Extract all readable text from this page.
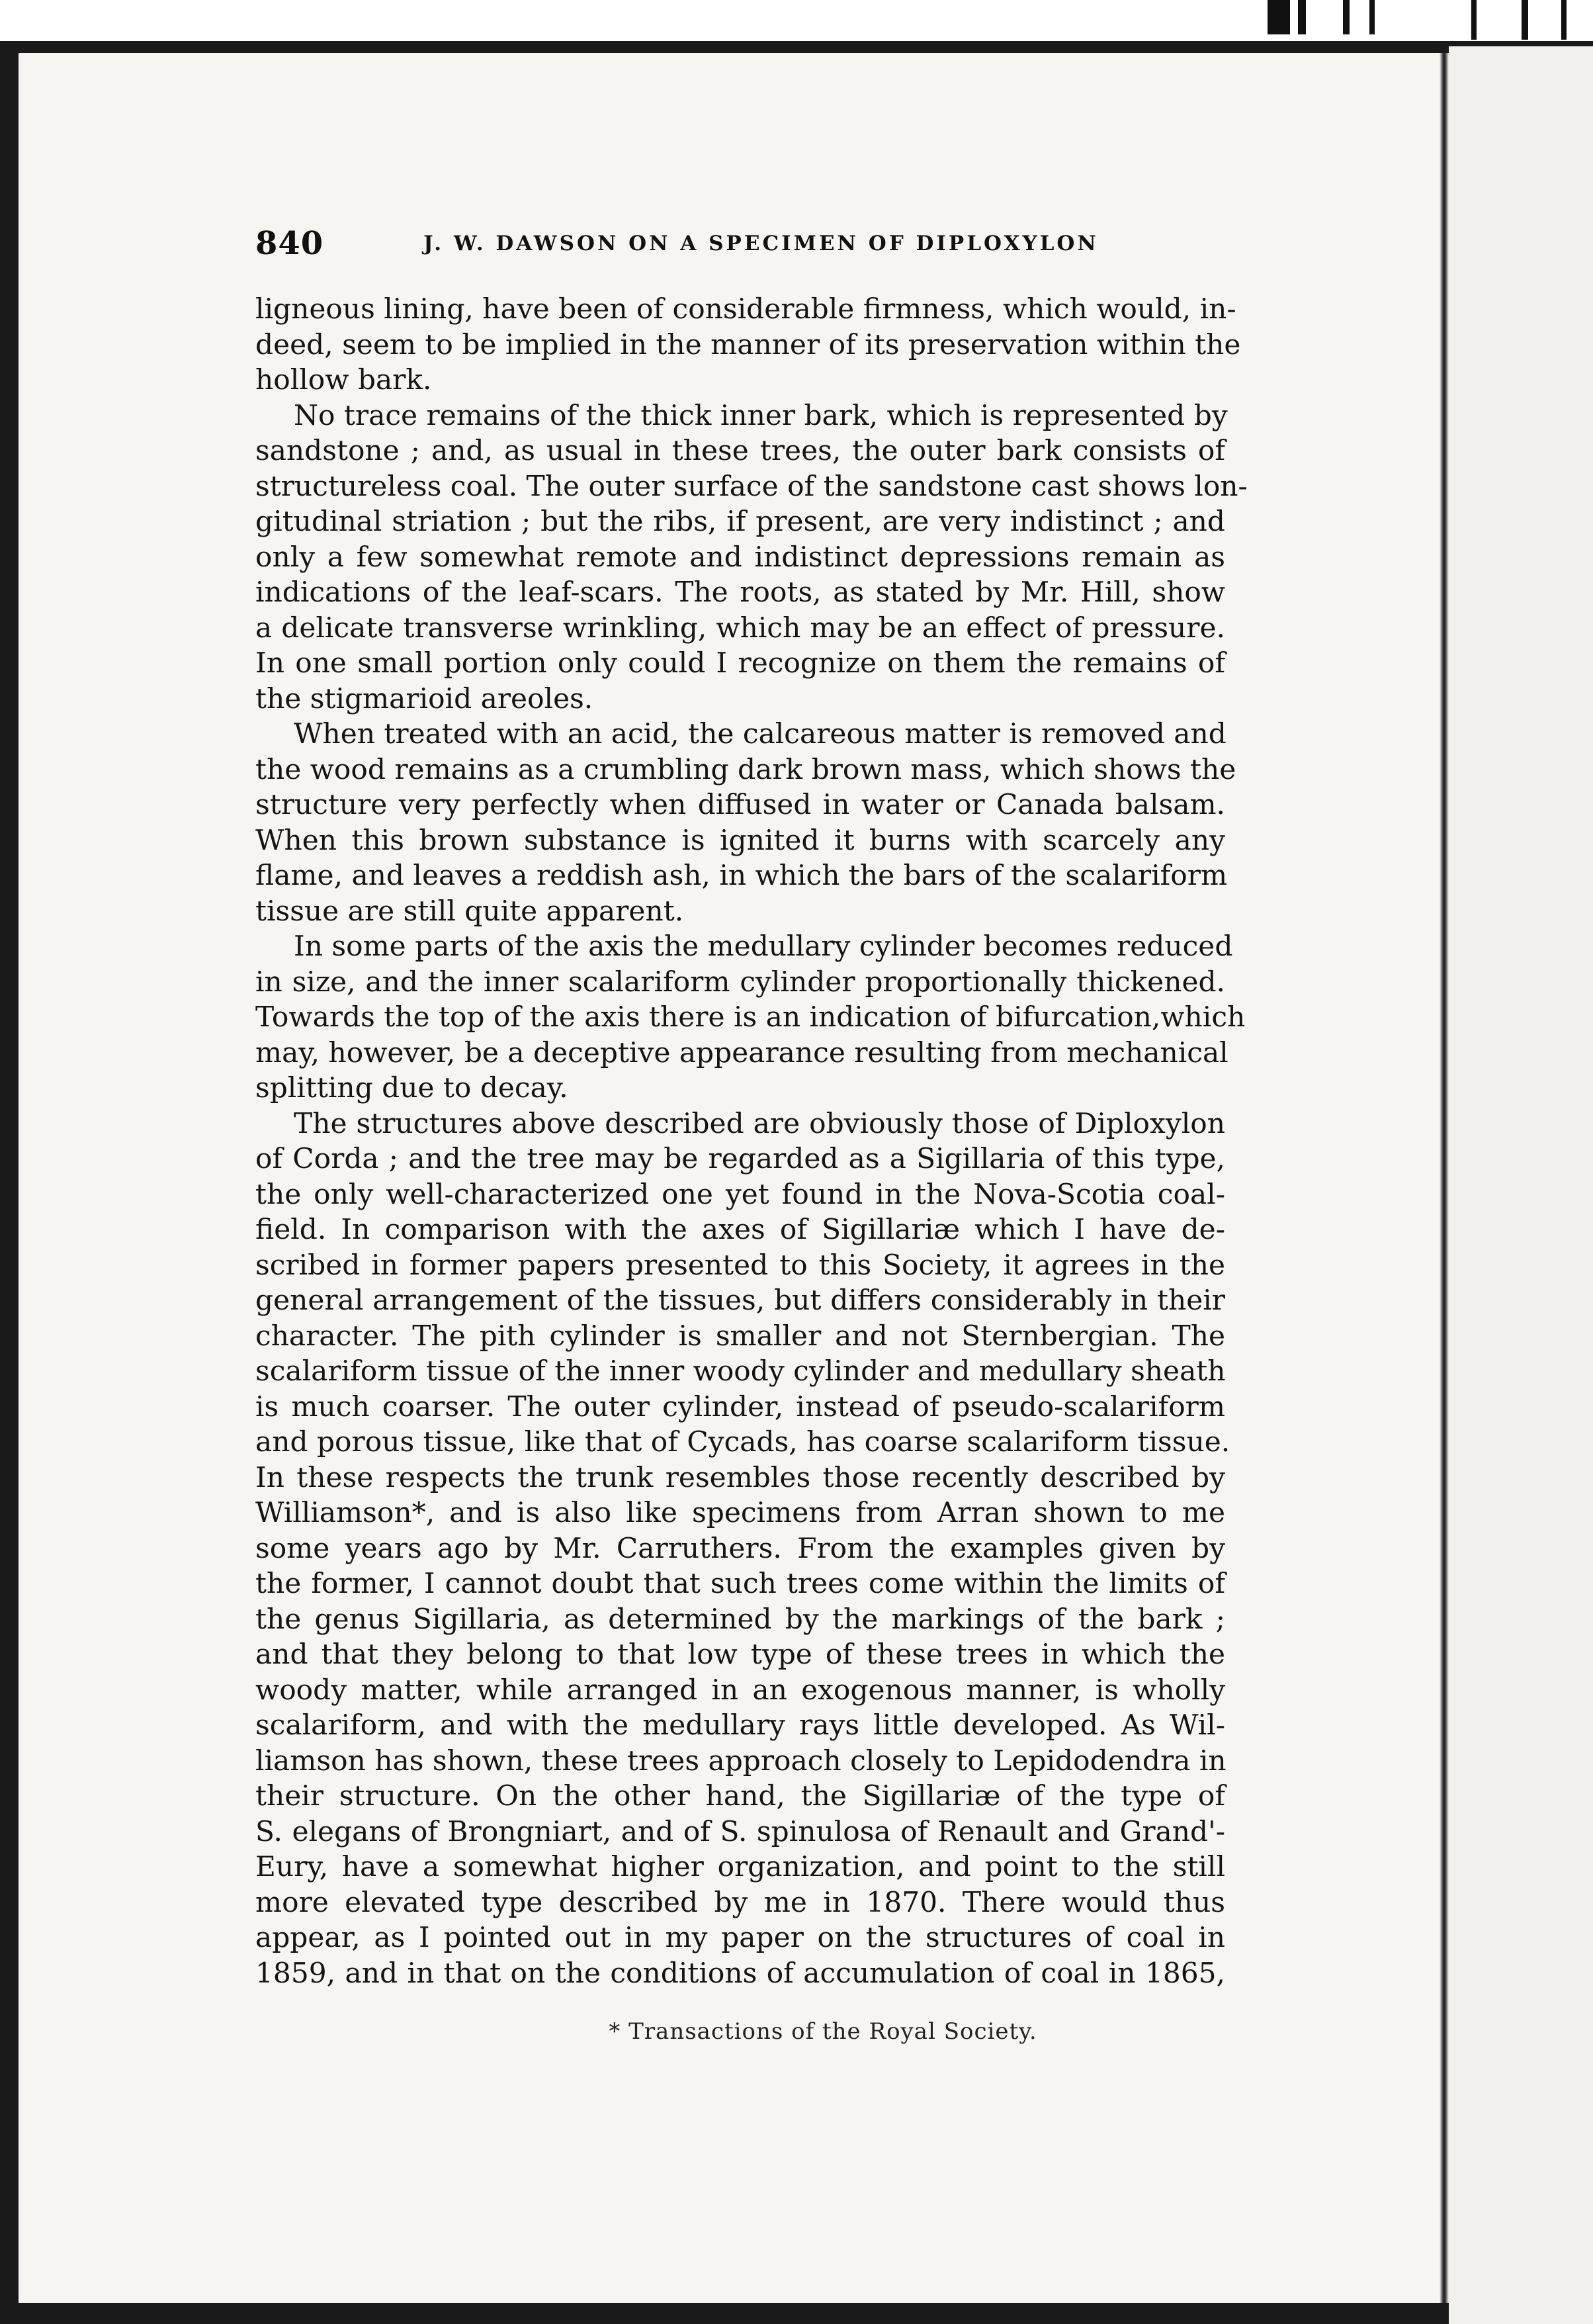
840	J. W. DAWSON ON A SPECIMEN OF DIPLOXYLON
ligneous lining, have been of considerable firmness, which would, in-
deed, seem to be implied in the manner of its preservation within the
hollow bark.
No trace remains of the thick inner bark, which is represented by
sandstone ; and, as usual in these trees, the outer bark consists of
structureless coal. The outer surface of the sandstone cast shows lon-
gitudinal striation ; but the ribs, if present, are very indistinct ; and
only a few somewhat remote and indistinct depressions remain as
indications of the leaf-scars. The roots, as stated by Mr. Hill, show
a delicate transverse wrinkling, which may be an effect of pressure.
In one small portion only could I recognize on them the remains of
the stigmarioid areoles.
When treated with an acid, the calcareous matter is removed and
the wood remains as a crumbling dark brown mass, which shows the
structure very perfectly when diffused in water or Canada balsam.
When this brown substance is ignited it burns with scarcely any
flame, and leaves a reddish ash, in which the bars of the scalariform
tissue are still quite apparent.
In some parts of the axis the medullary cylinder becomes reduced
in size, and the inner scalariform cylinder proportionally thickened.
Towards the top of the axis there is an indication of bifurcation,which
may, however, be a deceptive appearance resulting from mechanical
splitting due to decay.
The structures above described are obviously those of Diploxylon
of Corda ; and the tree may be regarded as a Sigillaria of this type,
the only well-characterized one yet found in the Nova-Scotia coal-
field. In comparison with the axes of Sigillariæ which I have de-
scribed in former papers presented to this Society, it agrees in the
general arrangement of the tissues, but differs considerably in their
character. The pith cylinder is smaller and not Sternbergian. The
scalariform tissue of the inner woody cylinder and medullary sheath
is much coarser. The outer cylinder, instead of pseudo-scalariform
and porous tissue, like that of Cycads, has coarse scalariform tissue.
In these respects the trunk resembles those recently described by
Williamson*, and is also like specimens from Arran shown to me
some years ago by Mr. Carruthers. From the examples given by
the former, I cannot doubt that such trees come within the limits of
the genus Sigillaria, as determined by the markings of the bark ;
and that they belong to that low type of these trees in which the
woody matter, while arranged in an exogenous manner, is wholly
scalariform, and with the medullary rays little developed. As Wil-
liamson has shown, these trees approach closely to Lepidodendra in
their structure. On the other hand, the Sigillariæ of the type of
S. elegans of Brongniart, and of S. spinulosa of Renault and Grand'-
Eury, have a somewhat higher organization, and point to the still
more elevated type described by me in 1870. There would thus
appear, as I pointed out in my paper on the structures of coal in
1859, and in that on the conditions of accumulation of coal in 1865,
* Transactions of the Royal Society.
